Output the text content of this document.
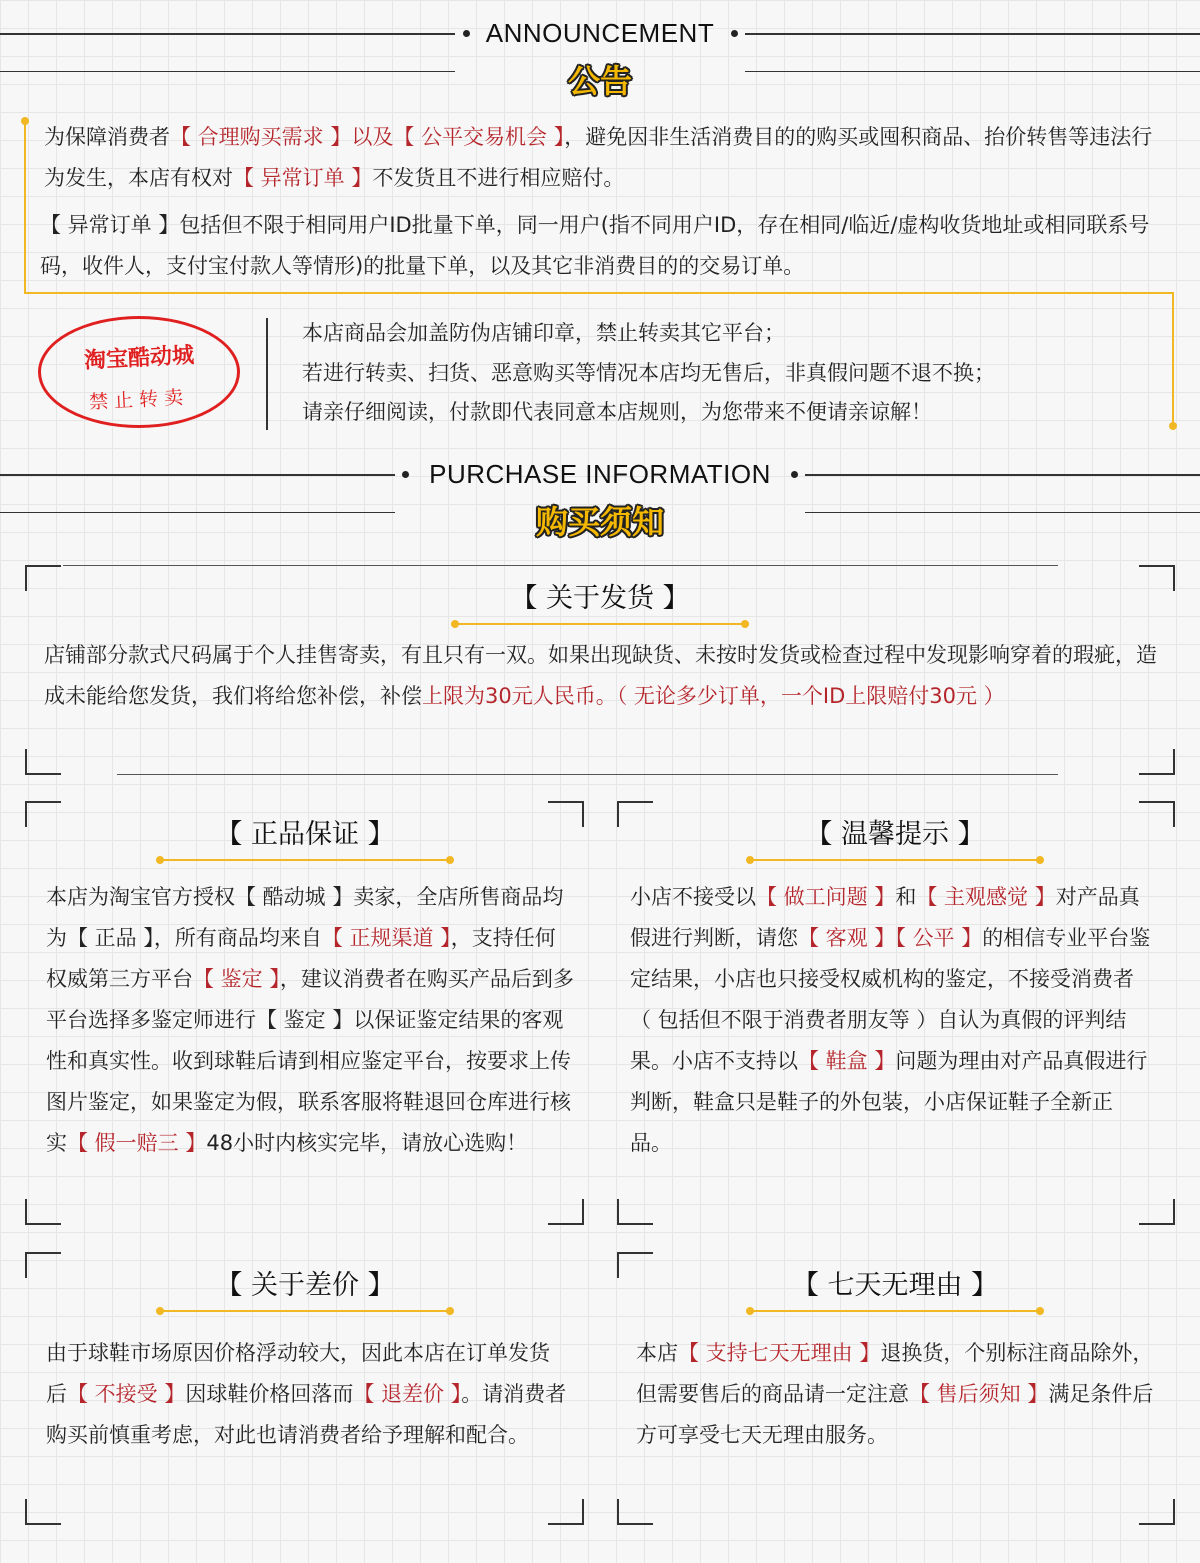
ANNOUNCEMENT
公告
为保障消费者【 合理购买需求 】以及【 公平交易机会 】，避免因非生活消费目的的购买或囤积商品、抬价转售等违法行为发生，本店有权对【 异常订单 】不发货且不进行相应赔付。
【 异常订单 】包括但不限于相同用户ID批量下单，同一用户(指不同用户ID，存在相同/临近/虚构收货地址或相同联系号码，收件人，支付宝付款人等情形)的批量下单，以及其它非消费目的的交易订单。
淘宝酷动城
禁止转卖
本店商品会加盖防伪店铺印章，禁止转卖其它平台；
若进行转卖、扫货、恶意购买等情况本店均无售后，非真假问题不退不换；
请亲仔细阅读，付款即代表同意本店规则，为您带来不便请亲谅解！
PURCHASE INFORMATION
购买须知
【 关于发货 】
店铺部分款式尺码属于个人挂售寄卖，有且只有一双。如果出现缺货、未按时发货或检查过程中发现影响穿着的瑕疵，造成未能给您发货，我们将给您补偿，补偿上限为30元人民币。（ 无论多少订单，一个ID上限赔付30元 ）
【 正品保证 】
本店为淘宝官方授权【 酷动城 】卖家，全店所售商品均为【 正品 】，所有商品均来自【 正规渠道 】，支持任何权威第三方平台【 鉴定 】，建议消费者在购买产品后到多平台选择多鉴定师进行【 鉴定 】以保证鉴定结果的客观性和真实性。收到球鞋后请到相应鉴定平台，按要求上传图片鉴定，如果鉴定为假，联系客服将鞋退回仓库进行核实【 假一赔三 】48小时内核实完毕，请放心选购！
【 温馨提示 】
小店不接受以【 做工问题 】和【 主观感觉 】对产品真假进行判断，请您【 客观 】【 公平 】的相信专业平台鉴定结果，小店也只接受权威机构的鉴定，不接受消费者（ 包括但不限于消费者朋友等 ）自认为真假的评判结果。小店不支持以【 鞋盒 】问题为理由对产品真假进行判断，鞋盒只是鞋子的外包装，小店保证鞋子全新正品。
【 关于差价 】
由于球鞋市场原因价格浮动较大，因此本店在订单发货后【 不接受 】因球鞋价格回落而【 退差价 】。请消费者购买前慎重考虑，对此也请消费者给予理解和配合。
【 七天无理由 】
本店【 支持七天无理由 】退换货，个别标注商品除外，但需要售后的商品请一定注意【 售后须知 】满足条件后方可享受七天无理由服务。
